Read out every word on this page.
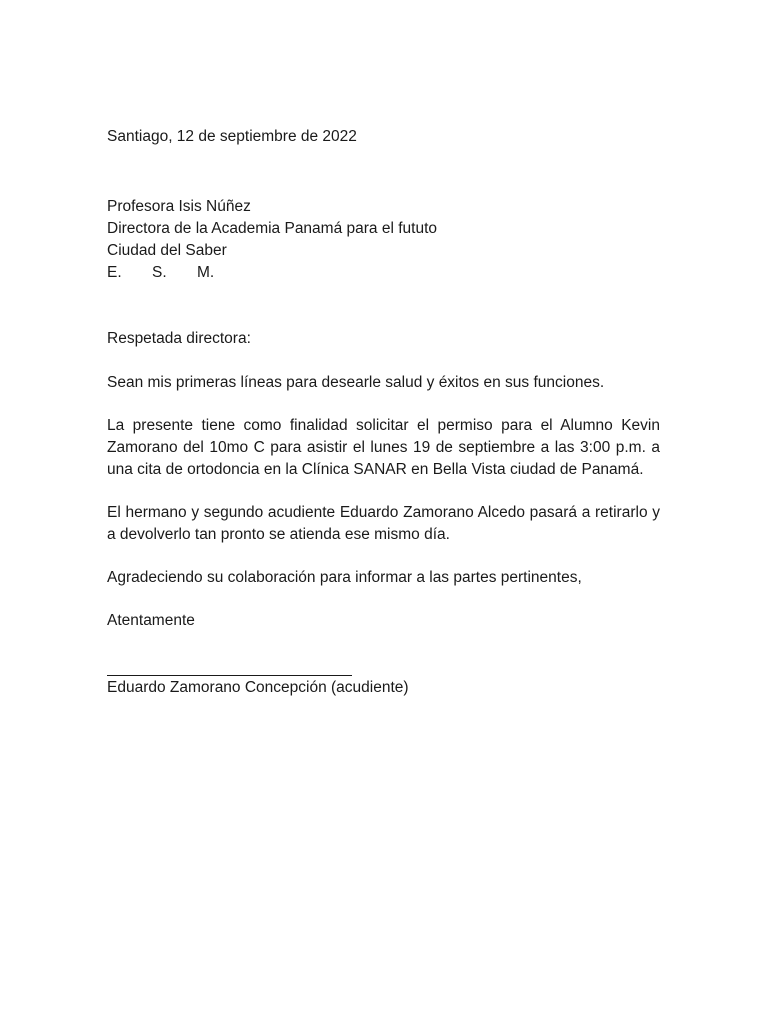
Santiago, 12 de septiembre de 2022
Profesora Isis Núñez
Directora de la Academia Panamá para el fututo
Ciudad del Saber
E. S. M.
Respetada directora:

Sean mis primeras líneas para desearle salud y éxitos en sus funciones.

La presente tiene como finalidad solicitar el permiso para el Alumno Kevin Zamorano del 10mo C para asistir el lunes 19 de septiembre a las 3:00 p.m. a una cita de ortodoncia en la Clínica SANAR en Bella Vista ciudad de Panamá.

El hermano y segundo acudiente Eduardo Zamorano Alcedo pasará a retirarlo y a devolverlo tan pronto se atienda ese mismo día.

Agradeciendo su colaboración para informar a las partes pertinentes,

Atentamente
Eduardo Zamorano Concepción (acudiente)
